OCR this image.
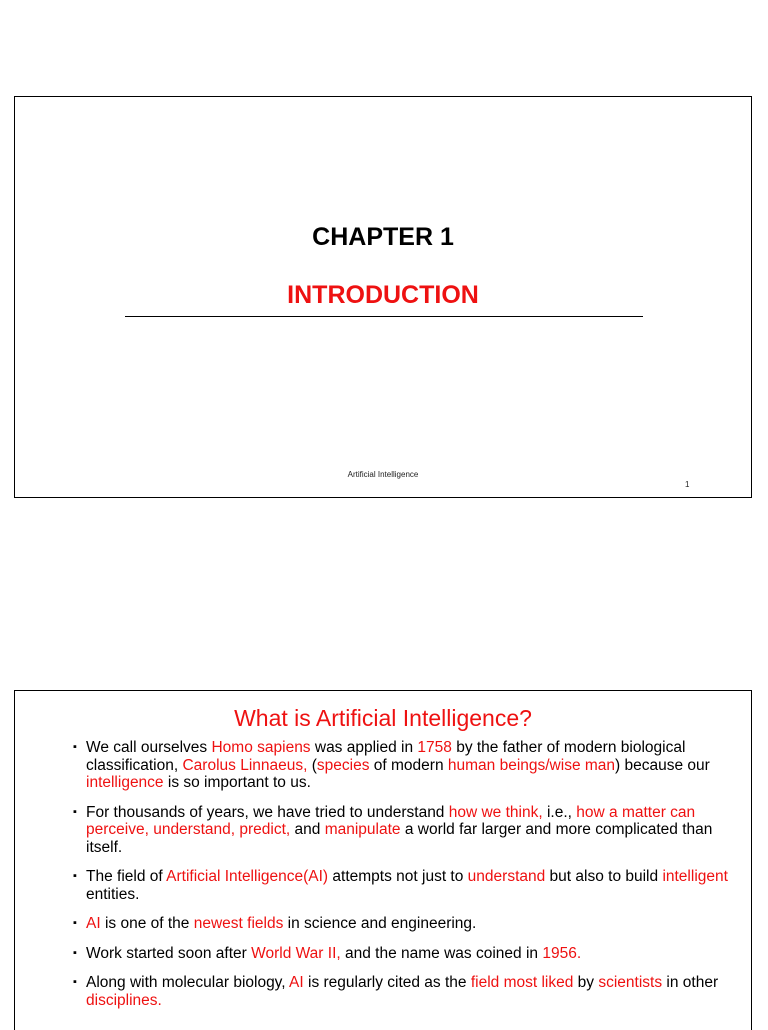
CHAPTER 1
INTRODUCTION
Artificial Intelligence
1
What is Artificial Intelligence?
▪ We call ourselves Homo sapiens was applied in 1758 by the father of modern biological classification, Carolus Linnaeus, (species of modern human beings/wise man) because our intelligence is so important to us.
▪ For thousands of years, we have tried to understand how we think, i.e., how a matter can perceive, understand, predict, and manipulate a world far larger and more complicated than itself.
▪ The field of Artificial Intelligence(AI) attempts not just to understand but also to build intelligent entities.
▪ AI is one of the newest fields in science and engineering.
▪ Work started soon after World War II, and the name was coined in 1956.
▪ Along with molecular biology, AI is regularly cited as the field most liked by scientists in other disciplines.
